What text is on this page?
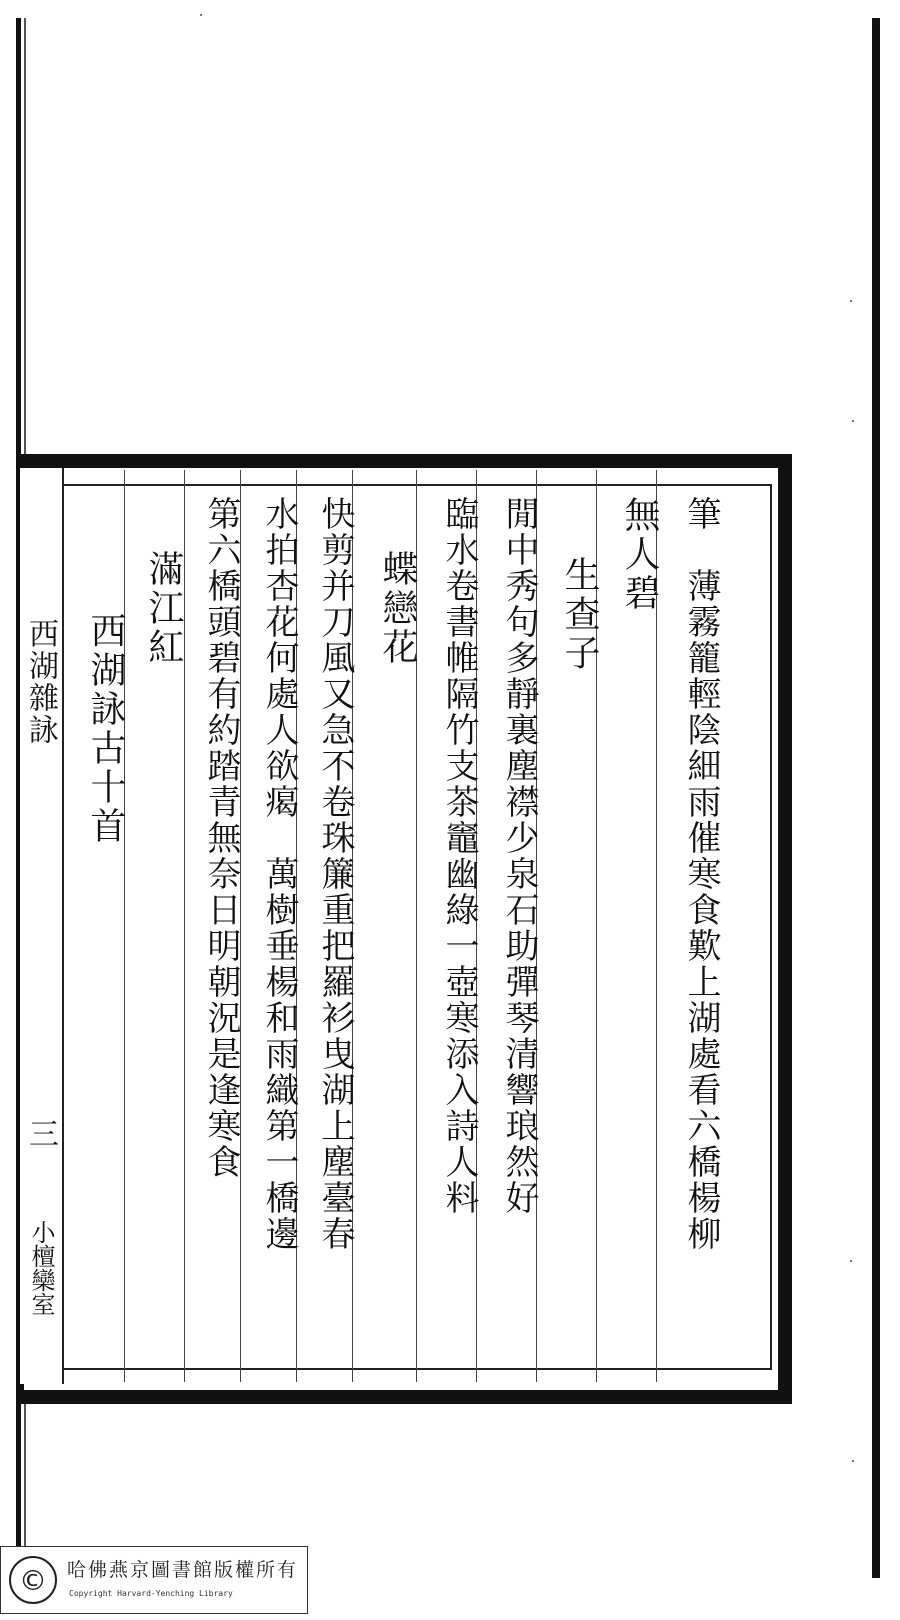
西湖雜詠
三
小檀欒室
筆　薄霧籠輕陰細雨催寒食歎上湖處看六橋楊柳
無人碧
生查子
閒中秀句多靜裏塵襟少泉石助彈琴清響琅然好
臨水卷書帷隔竹支茶竈幽綠一壺寒添入詩人料
蝶戀花
快剪并刀風又急不卷珠簾重把羅衫曳湖上塵臺春
水拍杏花何處人欲𤸎　萬樹垂楊和雨織第一橋邊
第六橋頭碧有約踏青無奈日明朝況是逢寒食
滿江紅
西湖詠古十首
©	哈佛燕京圖書館版權所有
Copyright Harvard-Yenching Library
